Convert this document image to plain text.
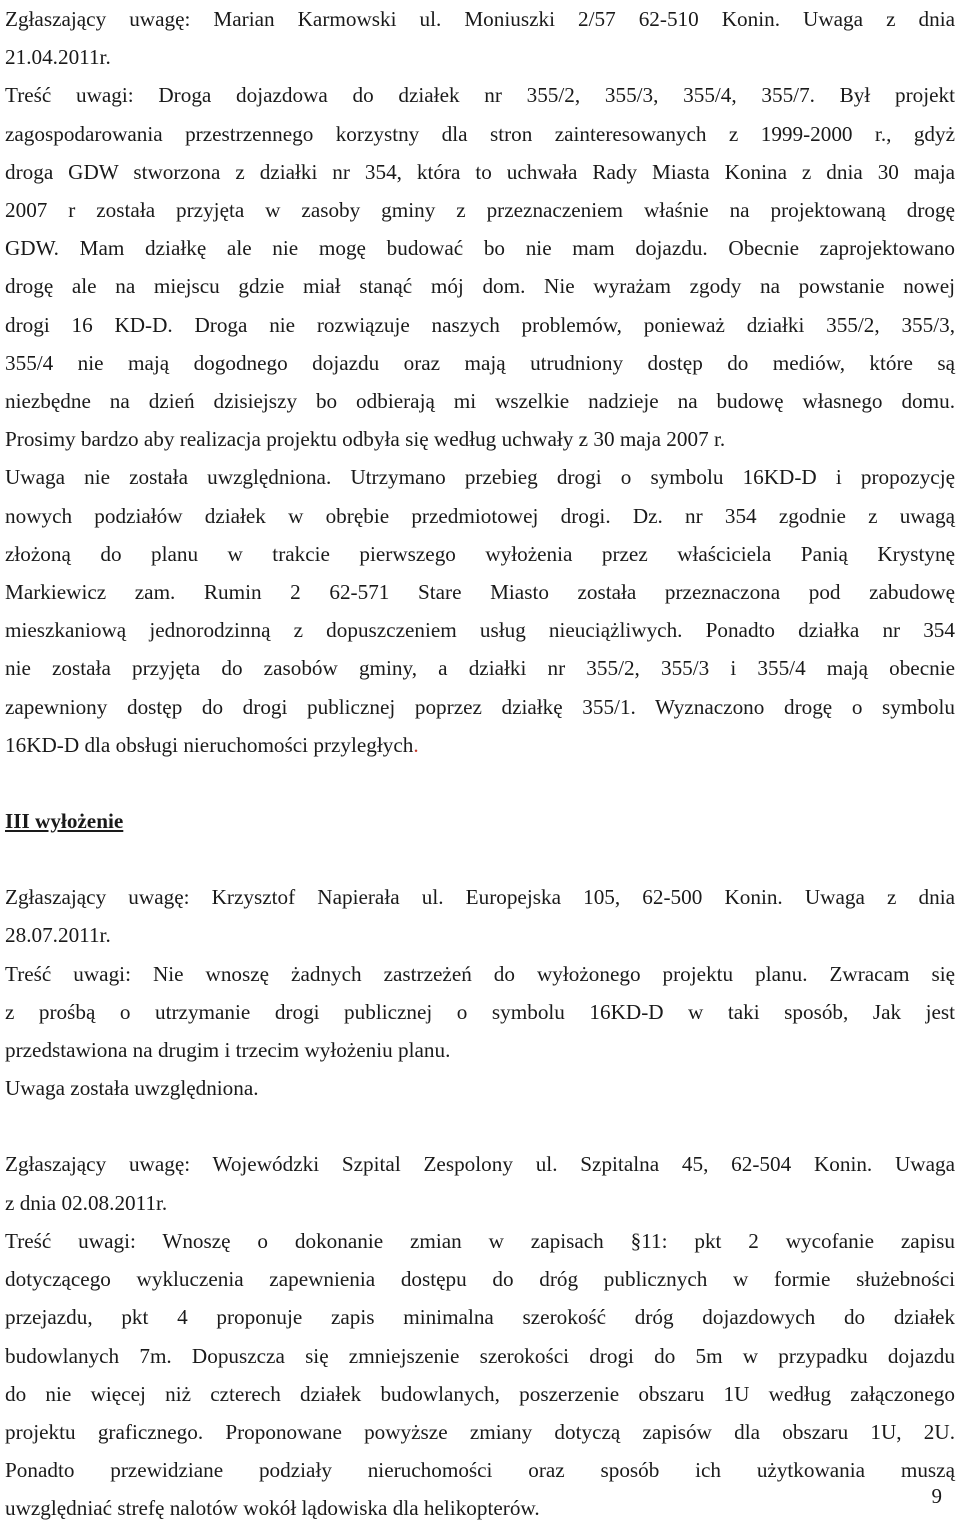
Zgłaszający uwagę: Marian Karmowski ul. Moniuszki 2/57 62-510 Konin. Uwaga z dnia
21.04.2011r.
Treść uwagi: Droga dojazdowa do działek nr 355/2, 355/3, 355/4, 355/7. Był projekt
zagospodarowania przestrzennego korzystny dla stron zainteresowanych z 1999-2000 r., gdyż
droga GDW stworzona z działki nr 354, która to uchwała Rady Miasta Konina z dnia 30 maja
2007 r została przyjęta w zasoby gminy z przeznaczeniem właśnie na projektowaną drogę
GDW. Mam działkę ale nie mogę budować bo nie mam dojazdu. Obecnie zaprojektowano
drogę ale na miejscu gdzie miał stanąć mój dom. Nie wyrażam zgody na powstanie nowej
drogi 16 KD-D. Droga nie rozwiązuje naszych problemów, ponieważ działki 355/2, 355/3,
355/4 nie mają dogodnego dojazdu oraz mają utrudniony dostęp do mediów, które są
niezbędne na dzień dzisiejszy bo odbierają mi wszelkie nadzieje na budowę własnego domu.
Prosimy bardzo aby realizacja projektu odbyła się według uchwały z 30 maja 2007 r.
Uwaga nie została uwzględniona. Utrzymano przebieg drogi o symbolu 16KD-D i propozycję
nowych podziałów działek w obrębie przedmiotowej drogi. Dz. nr 354 zgodnie z uwagą
złożoną do planu w trakcie pierwszego wyłożenia przez właściciela Panią Krystynę
Markiewicz zam. Rumin 2 62-571 Stare Miasto została przeznaczona pod zabudowę
mieszkaniową jednorodzinną z dopuszczeniem usług nieuciążliwych. Ponadto działka nr 354
nie została przyjęta do zasobów gminy, a działki nr 355/2, 355/3 i 355/4 mają obecnie
zapewniony dostęp do drogi publicznej poprzez działkę 355/1. Wyznaczono drogę o symbolu
16KD-D dla obsługi nieruchomości przyległych.
III wyłożenie
Zgłaszający uwagę: Krzysztof Napierała ul. Europejska 105, 62-500 Konin. Uwaga z dnia
28.07.2011r.
Treść uwagi: Nie wnoszę żadnych zastrzeżeń do wyłożonego projektu planu. Zwracam się
z prośbą o utrzymanie drogi publicznej o symbolu 16KD-D w taki sposób, Jak jest
przedstawiona na drugim i trzecim wyłożeniu planu.
Uwaga została uwzględniona.
Zgłaszający uwagę: Wojewódzki Szpital Zespolony ul. Szpitalna 45, 62-504 Konin. Uwaga
z dnia 02.08.2011r.
Treść uwagi: Wnoszę o dokonanie zmian w zapisach §11: pkt 2 wycofanie zapisu
dotyczącego wykluczenia zapewnienia dostępu do dróg publicznych w formie służebności
przejazdu, pkt 4 proponuje zapis minimalna szerokość dróg dojazdowych do działek
budowlanych 7m. Dopuszcza się zmniejszenie szerokości drogi do 5m w przypadku dojazdu
do nie więcej niż czterech działek budowlanych, poszerzenie obszaru 1U według załączonego
projektu graficznego. Proponowane powyższe zmiany dotyczą zapisów dla obszaru 1U, 2U.
Ponadto przewidziane podziały nieruchomości oraz sposób ich użytkowania muszą
uwzględniać strefę nalotów wokół lądowiska dla helikopterów.
9
